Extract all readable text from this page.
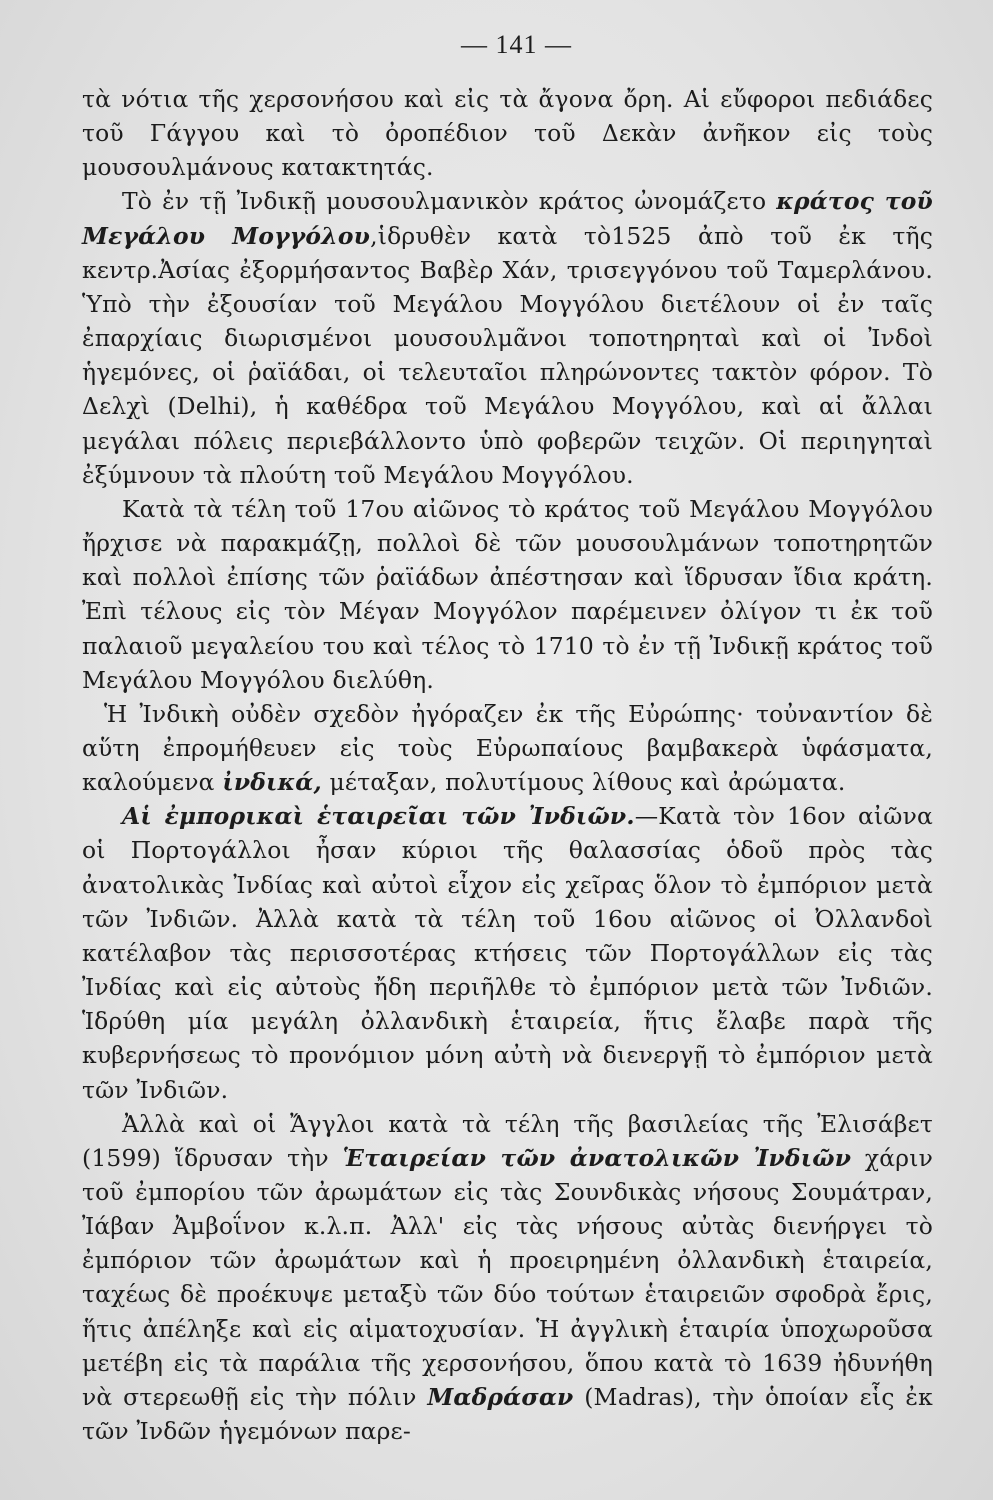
— 141 —

τὰ νότια τῆς χερσονήσου καὶ εἰς τὰ ἄγονα ὄρη. Αἱ εὔφοροι πεδιάδες τοῦ Γάγγου καὶ τὸ ὀροπέδιον τοῦ Δεκὰν ἀνῆκον εἰς τοὺς μουσουλμάνους κατακτητάς.

Τὸ ἐν τῇ Ἰνδικῇ μουσουλμανικὸν κράτος ὠνομάζετο κράτος τοῦ Μεγάλου Μογγόλου,ἱδρυθὲν κατὰ τὸ1525 ἀπὸ τοῦ ἐκ τῆς κεντρ.Ἀσίας ἐξορμήσαντος Βαβὲρ Χάν, τρισεγγόνου τοῦ Ταμερλάνου. Ὑπὸ τὴν ἐξουσίαν τοῦ Μεγάλου Μογγόλου διετέλουν οἱ ἐν ταῖς ἐπαρχίαις διωρισμένοι μουσουλμᾶνοι τοποτηρηταὶ καὶ οἱ Ἰνδοὶ ἡγεμόνες, οἱ ῥαϊάδαι, οἱ τελευταῖοι πληρώνοντες τακτὸν φόρον. Τὸ Δελχὶ (Delhi), ἡ καθέδρα τοῦ Μεγάλου Μογγόλου, καὶ αἱ ἄλλαι μεγάλαι πόλεις περιεβάλλοντο ὑπὸ φοβερῶν τειχῶν. Οἱ περιηγηταὶ ἐξύμνουν τὰ πλούτη τοῦ Μεγάλου Μογγόλου.

Κατὰ τὰ τέλη τοῦ 17ου αἰῶνος τὸ κράτος τοῦ Μεγάλου Μογγόλου ἤρχισε νὰ παρακμάζῃ, πολλοὶ δὲ τῶν μουσουλμάνων τοποτηρητῶν καὶ πολλοὶ ἐπίσης τῶν ῥαϊάδων ἀπέστησαν καὶ ἵδρυσαν ἴδια κράτη. Ἐπὶ τέλους εἰς τὸν Μέγαν Μογγόλον παρέμεινεν ὀλίγον τι ἐκ τοῦ παλαιοῦ μεγαλείου του καὶ τέλος τὸ 1710 τὸ ἐν τῇ Ἰνδικῇ κράτος τοῦ Μεγάλου Μογγόλου διελύθη.

Ἡ Ἰνδικὴ οὐδὲν σχεδὸν ἠγόραζεν ἐκ τῆς Εὐρώπης· τοὐναντίον δὲ αὕτη ἐπρομήθευεν εἰς τοὺς Εὐρωπαίους βαμβακερὰ ὑφάσματα, καλούμενα ἰνδικά, μέταξαν, πολυτίμους λίθους καὶ ἀρώματα.

Αἱ ἐμπορικαὶ ἑταιρεῖαι τῶν Ἰνδιῶν.—Κατὰ τὸν 16ον αἰῶνα οἱ Πορτογάλλοι ἦσαν κύριοι τῆς θαλασσίας ὁδοῦ πρὸς τὰς ἀνατολικὰς Ἰνδίας καὶ αὐτοὶ εἶχον εἰς χεῖρας ὅλον τὸ ἐμπόριον μετὰ τῶν Ἰνδιῶν. Ἀλλὰ κατὰ τὰ τέλη τοῦ 16ου αἰῶνος οἱ Ὀλλανδοὶ κατέλαβον τὰς περισσοτέρας κτήσεις τῶν Πορτογάλλων εἰς τὰς Ἰνδίας καὶ εἰς αὐτοὺς ἤδη περιῆλθε τὸ ἐμπόριον μετὰ τῶν Ἰνδιῶν. Ἱδρύθη μία μεγάλη ὀλλανδικὴ ἑταιρεία, ἥτις ἔλαβε παρὰ τῆς κυβερνήσεως τὸ προνόμιον μόνη αὐτὴ νὰ διενεργῇ τὸ ἐμπόριον μετὰ τῶν Ἰνδιῶν.

Ἀλλὰ καὶ οἱ Ἄγγλοι κατὰ τὰ τέλη τῆς βασιλείας τῆς Ἐλισάβετ (1599) ἵδρυσαν τὴν Ἑταιρείαν τῶν ἀνατολικῶν Ἰνδιῶν χάριν τοῦ ἐμπορίου τῶν ἀρωμάτων εἰς τὰς Σουνδικὰς νήσους Σουμάτραν, Ἰάβαν Ἀμβοΐνον κ.λ.π. Ἀλλ' εἰς τὰς νήσους αὐτὰς διενήργει τὸ ἐμπόριον τῶν ἀρωμάτων καὶ ἡ προειρημένη ὀλλανδικὴ ἑταιρεία, ταχέως δὲ προέκυψε μεταξὺ τῶν δύο τούτων ἑταιρειῶν σφοδρὰ ἔρις, ἥτις ἀπέληξε καὶ εἰς αἱματοχυσίαν. Ἡ ἀγγλικὴ ἑταιρία ὑποχωροῦσα μετέβη εἰς τὰ παράλια τῆς χερσονήσου, ὅπου κατὰ τὸ 1639 ἠδυνήθη νὰ στερεωθῇ εἰς τὴν πόλιν Μαδράσαν (Madras), τὴν ὁποίαν εἷς ἐκ τῶν Ἰνδῶν ἡγεμόνων παρε-
